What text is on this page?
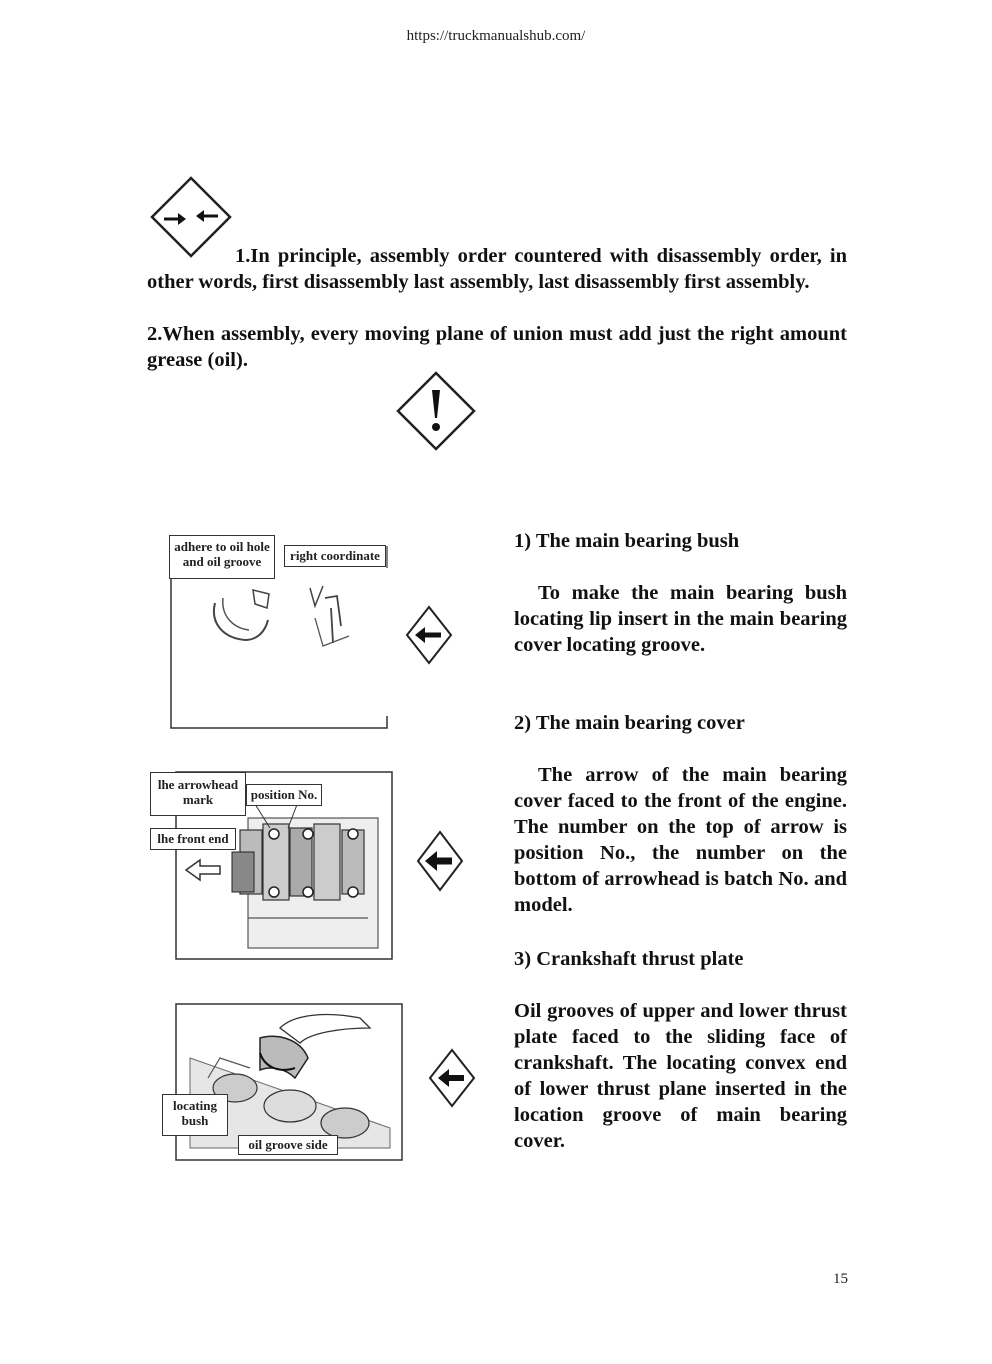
https://truckmanualshub.com/
1.In principle, assembly order countered with disassembly order, in other words, first disassembly last assembly, last disassembly first assembly.
2.When assembly, every moving plane of union must add just the right amount grease (oil).
adhere to oil hole
and oil groove	right coordinate
1) The main bearing bush
To make the main bearing bush locating lip insert in the main bearing cover locating groove.
lhe arrowhead
mark	position No.
lhe front end
2) The main bearing cover
The arrow of the main bearing cover faced to the front of the engine. The number on the top of arrow is position No., the number on the bottom of arrowhead is batch No. and model.
locating
bush
oil groove side
3) Crankshaft thrust plate
Oil grooves of upper and lower thrust plate faced to the sliding face of crankshaft. The locating convex end of lower thrust plane inserted in the location groove of main bearing cover.
15
